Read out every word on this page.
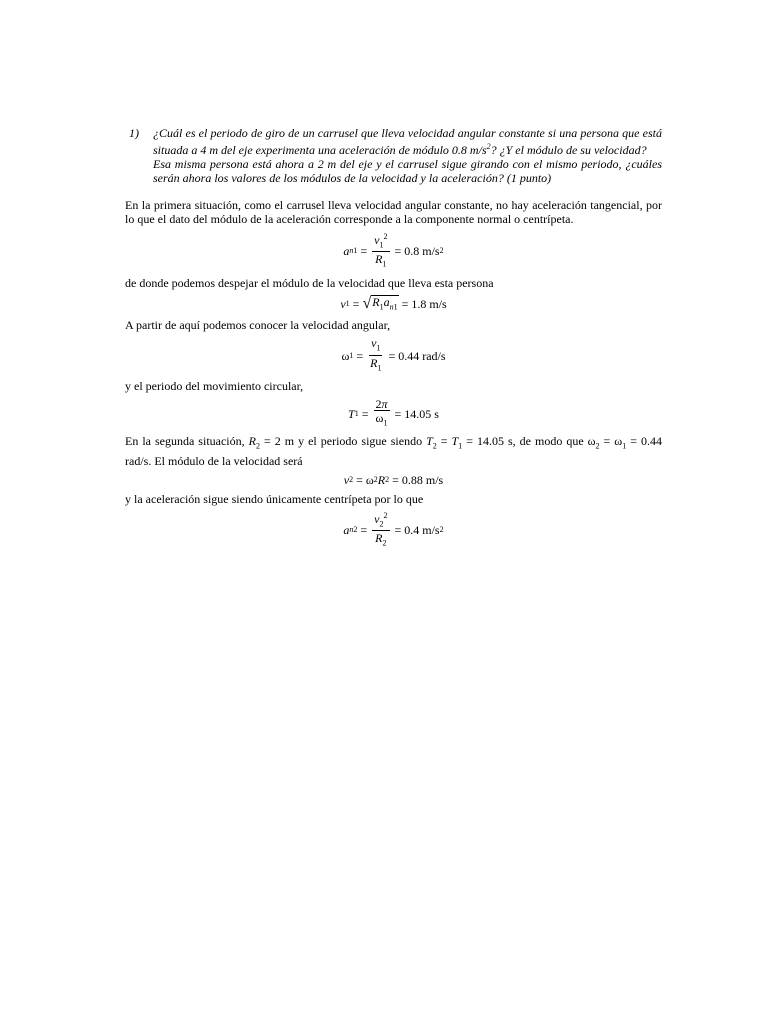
1)	¿Cuál es el periodo de giro de un carrusel que lleva velocidad angular constante si una persona que está situada a 4 m del eje experimenta una aceleración de módulo 0.8 $m/s^2$? ¿Y el módulo de su velocidad?

Esa misma persona está ahora a 2 m del eje y el carrusel sigue girando con el mismo periodo, ¿cuáles serán ahora los valores de los módulos de la velocidad y la aceleración? (1 punto)

En la primera situación, como el carrusel lleva velocidad angular constante, no hay aceleración tangencial, por lo que el dato del módulo de la aceleración corresponde a la componente normal o centrípeta.

a $n1 = \frac{v_1^2}{R_1}$
= 0.8 m/s 2

de donde podemos despejar el módulo de la velocidad que lleva esta persona

v 1 = √ $R_1a_{n1}$
= 1.8 m/s

A partir de aquí podemos conocer la velocidad angular,

ω $1 = \frac{v_1}{R_1}$
= 0.44 rad/s

y el periodo del movimiento circular,

T $1 = \frac{2\pi}{\omega_1}$
= 14.05 s

En la segunda situación, $R_2 = 2$ m y el periodo sigue siendo $T_2 = T_1 = 14.05$ s, de modo que $\omega_2 = \omega_1 = 0.44$ rad/s. El módulo de la velocidad será

v 2 = ω 2 R 2
= 0.88 m/s

y la aceleración sigue siendo únicamente centrípeta por lo que

a $n2 = \frac{v_2^2}{R_2}$
= 0.4 m/s 2
